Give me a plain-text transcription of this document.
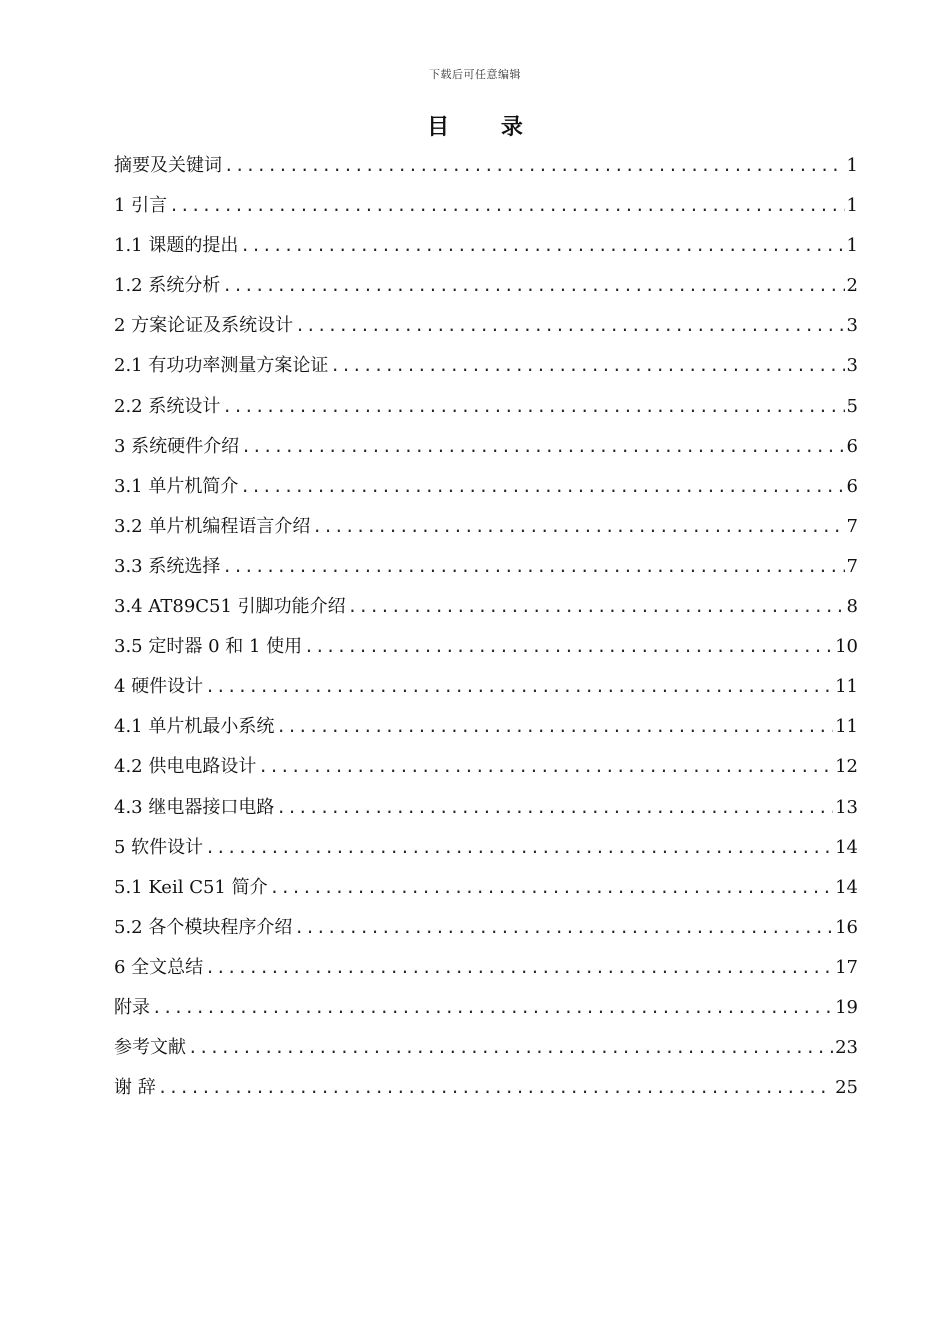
下载后可任意编辑
目 录
摘要及关键词 .....	1
1 引言 .....	1
1.1 课题的提出 .....	1
1.2 系统分析 .....	2
2 方案论证及系统设计 .....	3
2.1 有功功率测量方案论证 .....	3
2.2 系统设计 .....	5
3 系统硬件介绍 .....	6
3.1 单片机简介 .....	6
3.2 单片机编程语言介绍 .....	7
3.3 系统选择 .....	7
3.4 AT89C51 引脚功能介绍 .....	8
3.5 定时器 0 和 1 使用 .....	10
4 硬件设计 .....	11
4.1 单片机最小系统 .....	11
4.2 供电电路设计 .....	12
4.3 继电器接口电路 .....	13
5 软件设计 .....	14
5.1 Keil C51 简介 .....	14
5.2 各个模块程序介绍 .....	16
6 全文总结 .....	17
附录 .....	19
参考文献 .....	23
谢 辞 .....	25
